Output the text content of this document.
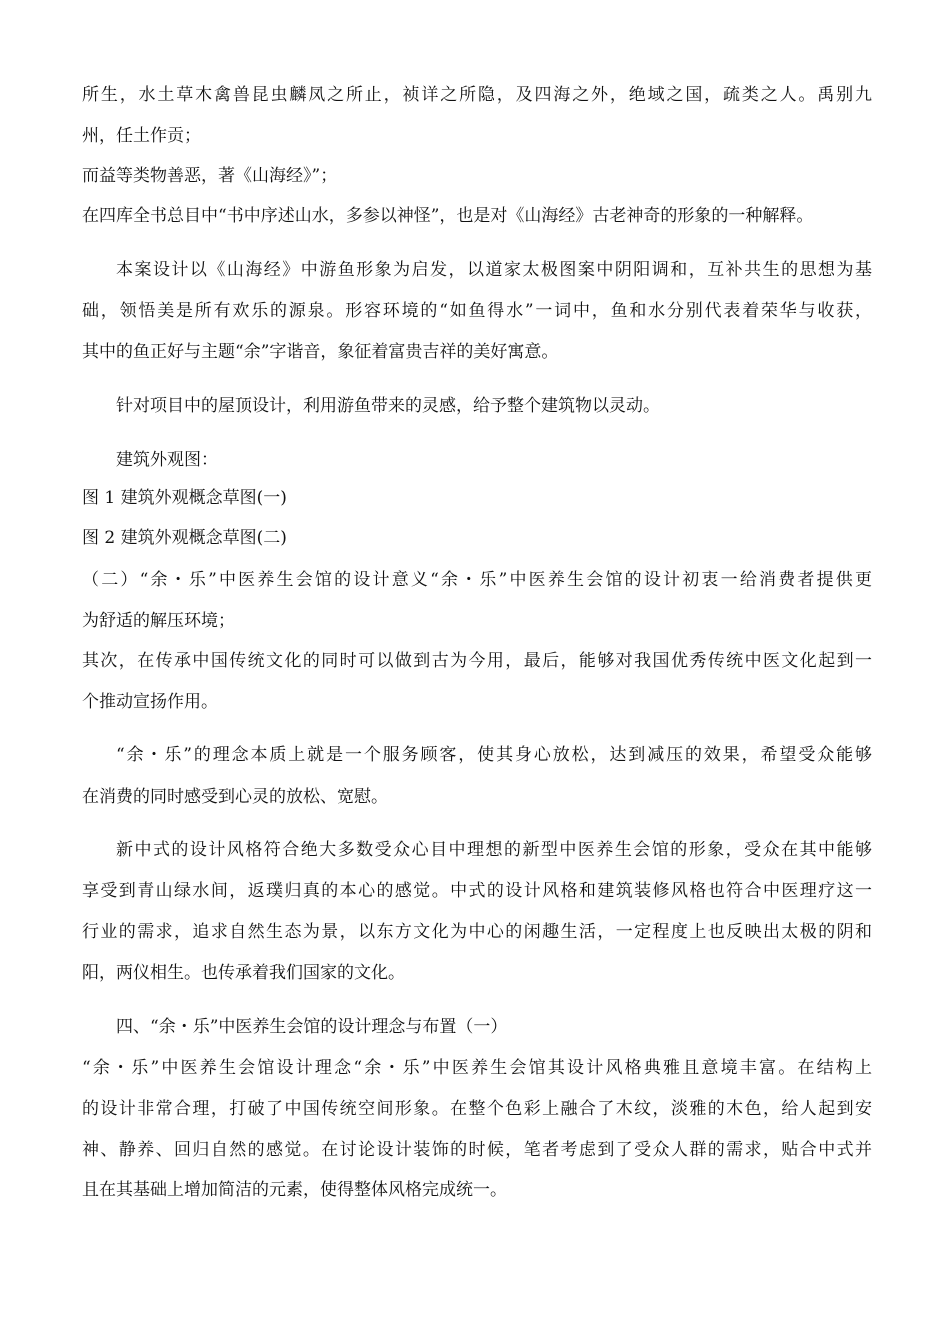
所生，水土草木禽兽昆虫麟凤之所止，祯详之所隐，及四海之外，绝域之国，疏类之人。禹别九
州，任土作贡；
而益等类物善恶，著《山海经》”；
在四库全书总目中“书中序述山水，多参以神怪”，也是对《山海经》古老神奇的形象的一种解释。
本案设计以《山海经》中游鱼形象为启发，以道家太极图案中阴阳调和，互补共生的思想为基
础，领悟美是所有欢乐的源泉。形容环境的“如鱼得水”一词中，鱼和水分别代表着荣华与收获，
其中的鱼正好与主题“余”字谐音，象征着富贵吉祥的美好寓意。
针对项目中的屋顶设计，利用游鱼带来的灵感，给予整个建筑物以灵动。
建筑外观图：
图 1 建筑外观概念草图(一)
图 2 建筑外观概念草图(二)
（二）“余・乐”中医养生会馆的设计意义“余・乐”中医养生会馆的设计初衷一给消费者提供更
为舒适的解压环境；
其次，在传承中国传统文化的同时可以做到古为今用，最后，能够对我国优秀传统中医文化起到一
个推动宣扬作用。
“余・乐”的理念本质上就是一个服务顾客，使其身心放松，达到减压的效果，希望受众能够
在消费的同时感受到心灵的放松、宽慰。
新中式的设计风格符合绝大多数受众心目中理想的新型中医养生会馆的形象，受众在其中能够
享受到青山绿水间，返璞归真的本心的感觉。中式的设计风格和建筑装修风格也符合中医理疗这一
行业的需求，追求自然生态为景，以东方文化为中心的闲趣生活，一定程度上也反映出太极的阴和
阳，两仪相生。也传承着我们国家的文化。
四、“余・乐”中医养生会馆的设计理念与布置（一）
“余・乐”中医养生会馆设计理念“余・乐”中医养生会馆其设计风格典雅且意境丰富。在结构上
的设计非常合理，打破了中国传统空间形象。在整个色彩上融合了木纹，淡雅的木色，给人起到安
神、静养、回归自然的感觉。在讨论设计装饰的时候，笔者考虑到了受众人群的需求，贴合中式并
且在其基础上增加简洁的元素，使得整体风格完成统一。
